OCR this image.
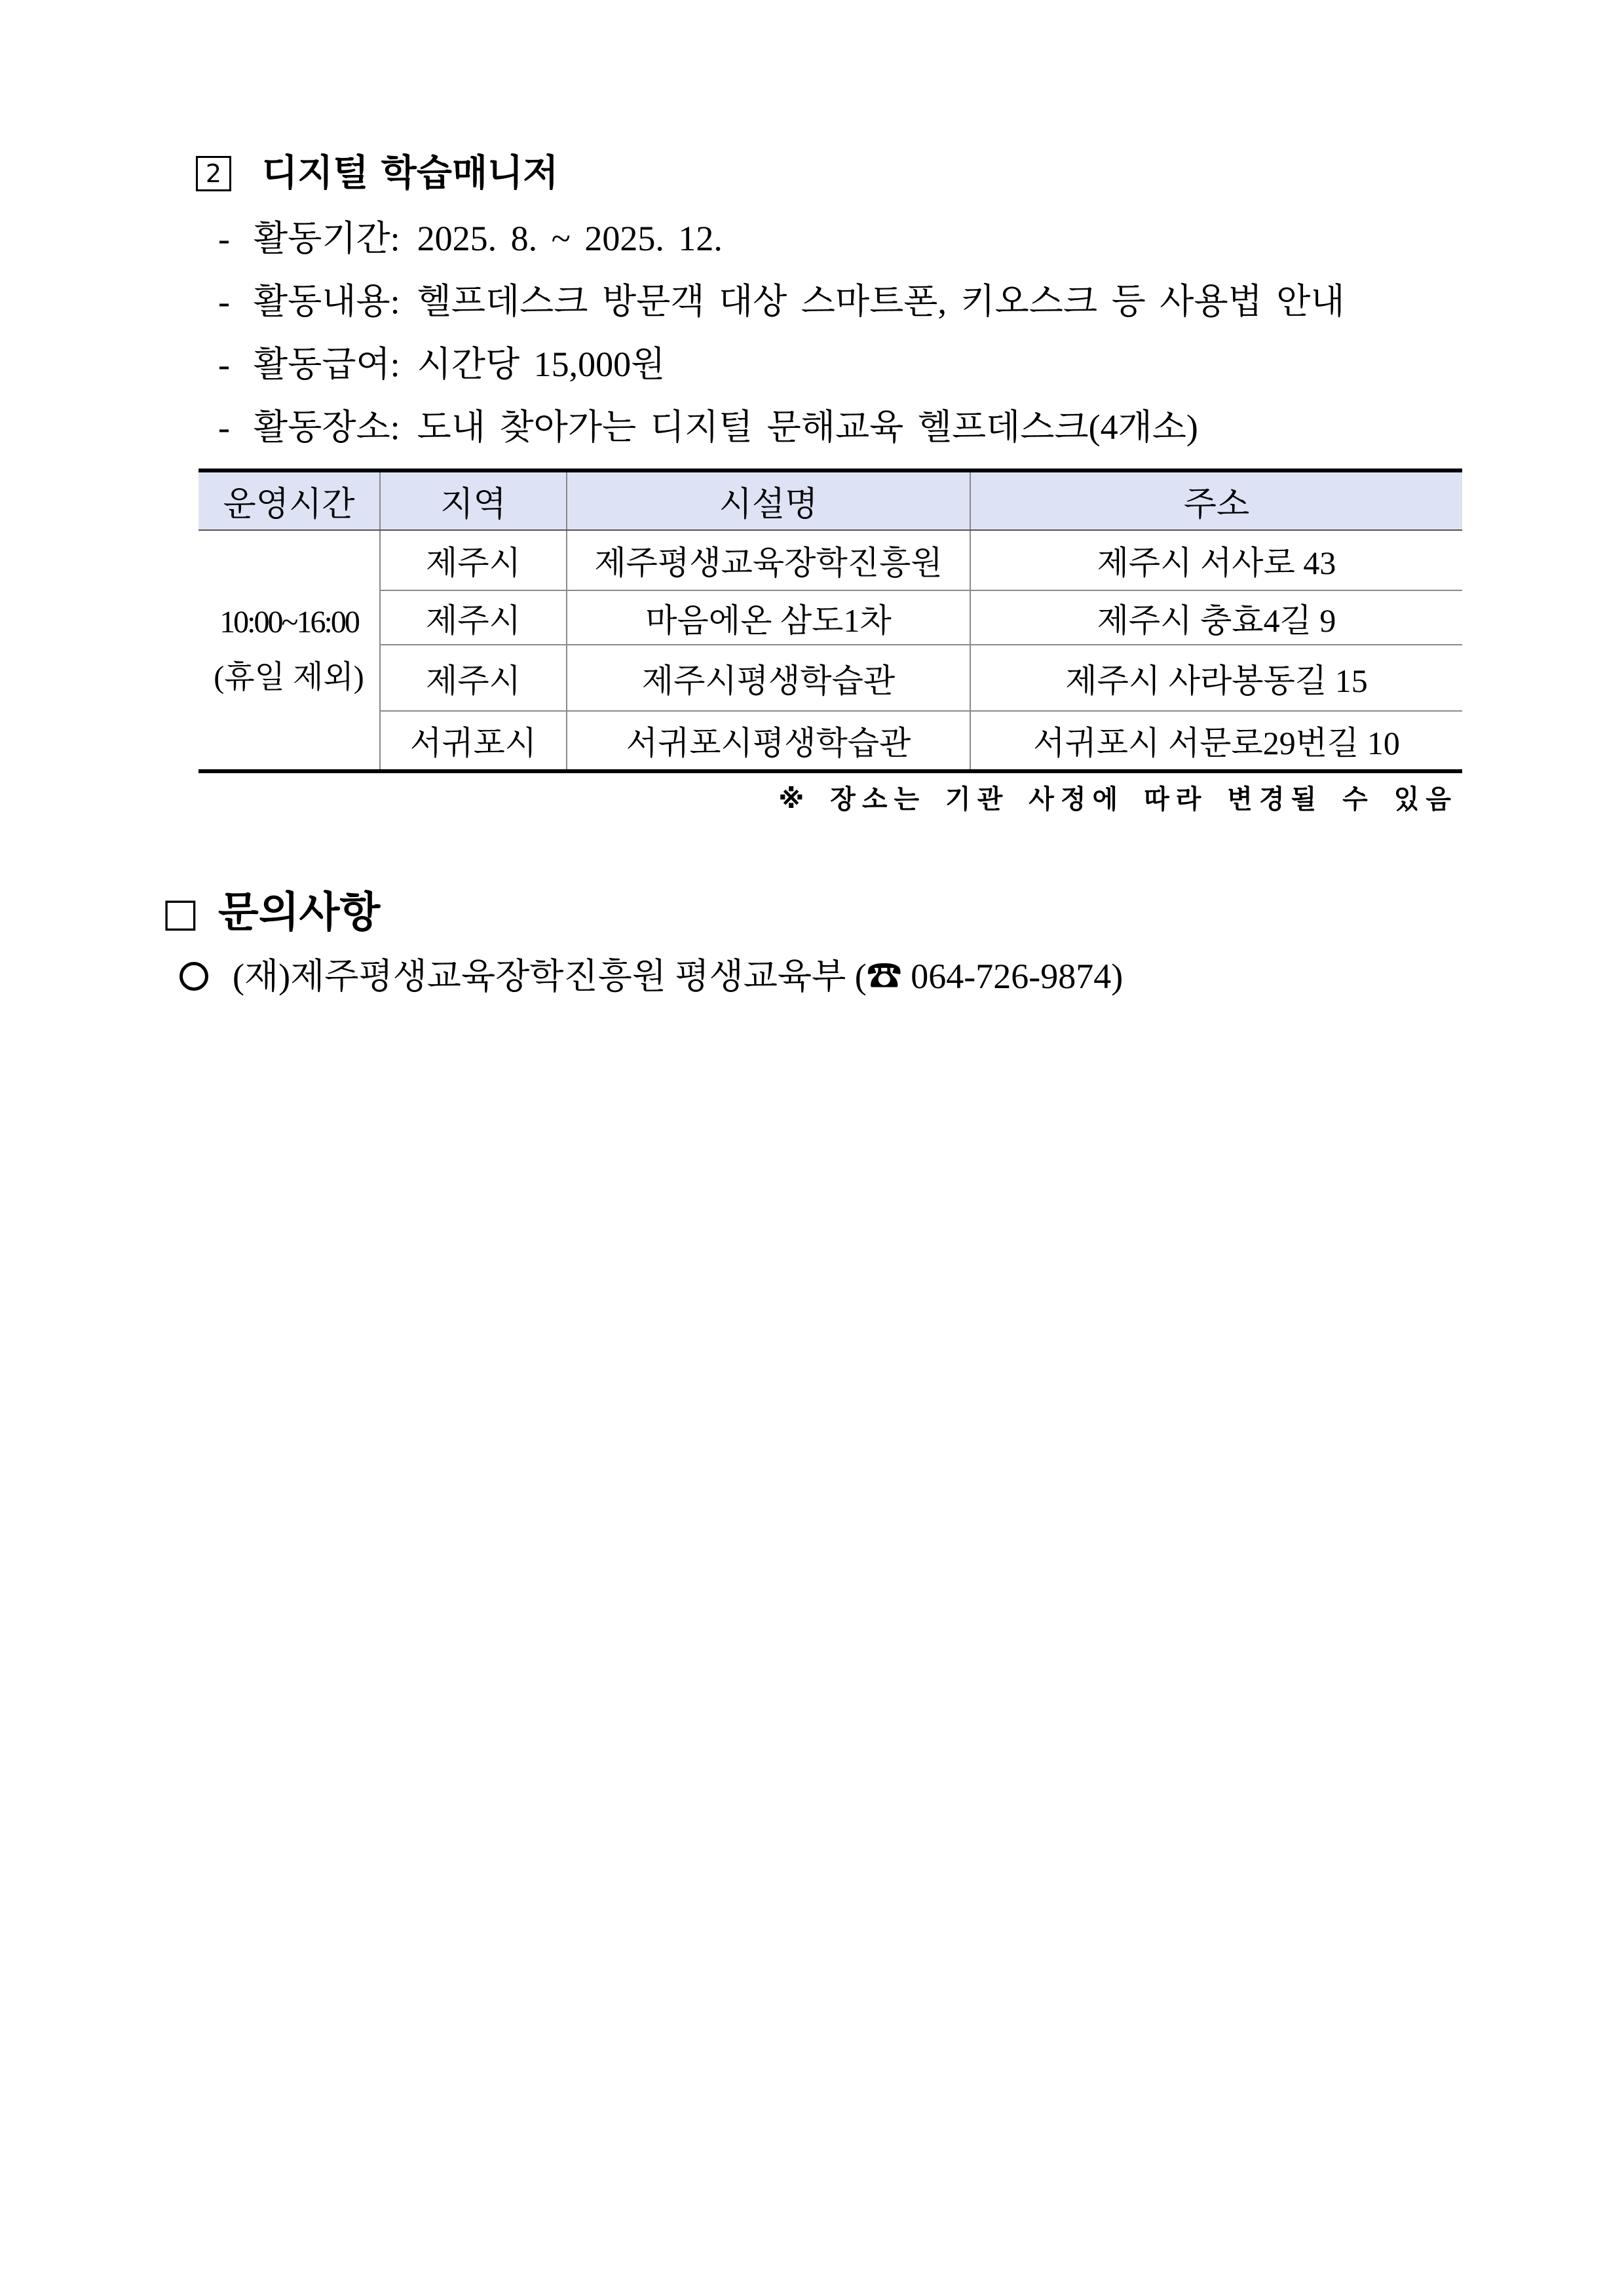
2 디지털 학습매니저
- 활동기간: 2025. 8. ~ 2025. 12.
- 활동내용: 헬프데스크 방문객 대상 스마트폰, 키오스크 등 사용법 안내
- 활동급여: 시간당 15,000원
- 활동장소: 도내 찾아가는 디지털 문해교육 헬프데스크(4개소)
운영시간	지역	시설명	주소

10:00~16:00
(휴일 제외)	제주시	제주평생교육장학진흥원	제주시 서사로 43
	제주시	마음에온 삼도1차	제주시 충효4길 9
	제주시	제주시평생학습관	제주시 사라봉동길 15
	서귀포시	서귀포시평생학습관	서귀포시 서문로29번길 10
※ 장소는 기관 사정에 따라 변경될 수 있음
□ 문의사항
(재)제주평생교육장학진흥원 평생교육부 (☎ 064-726-9874)
